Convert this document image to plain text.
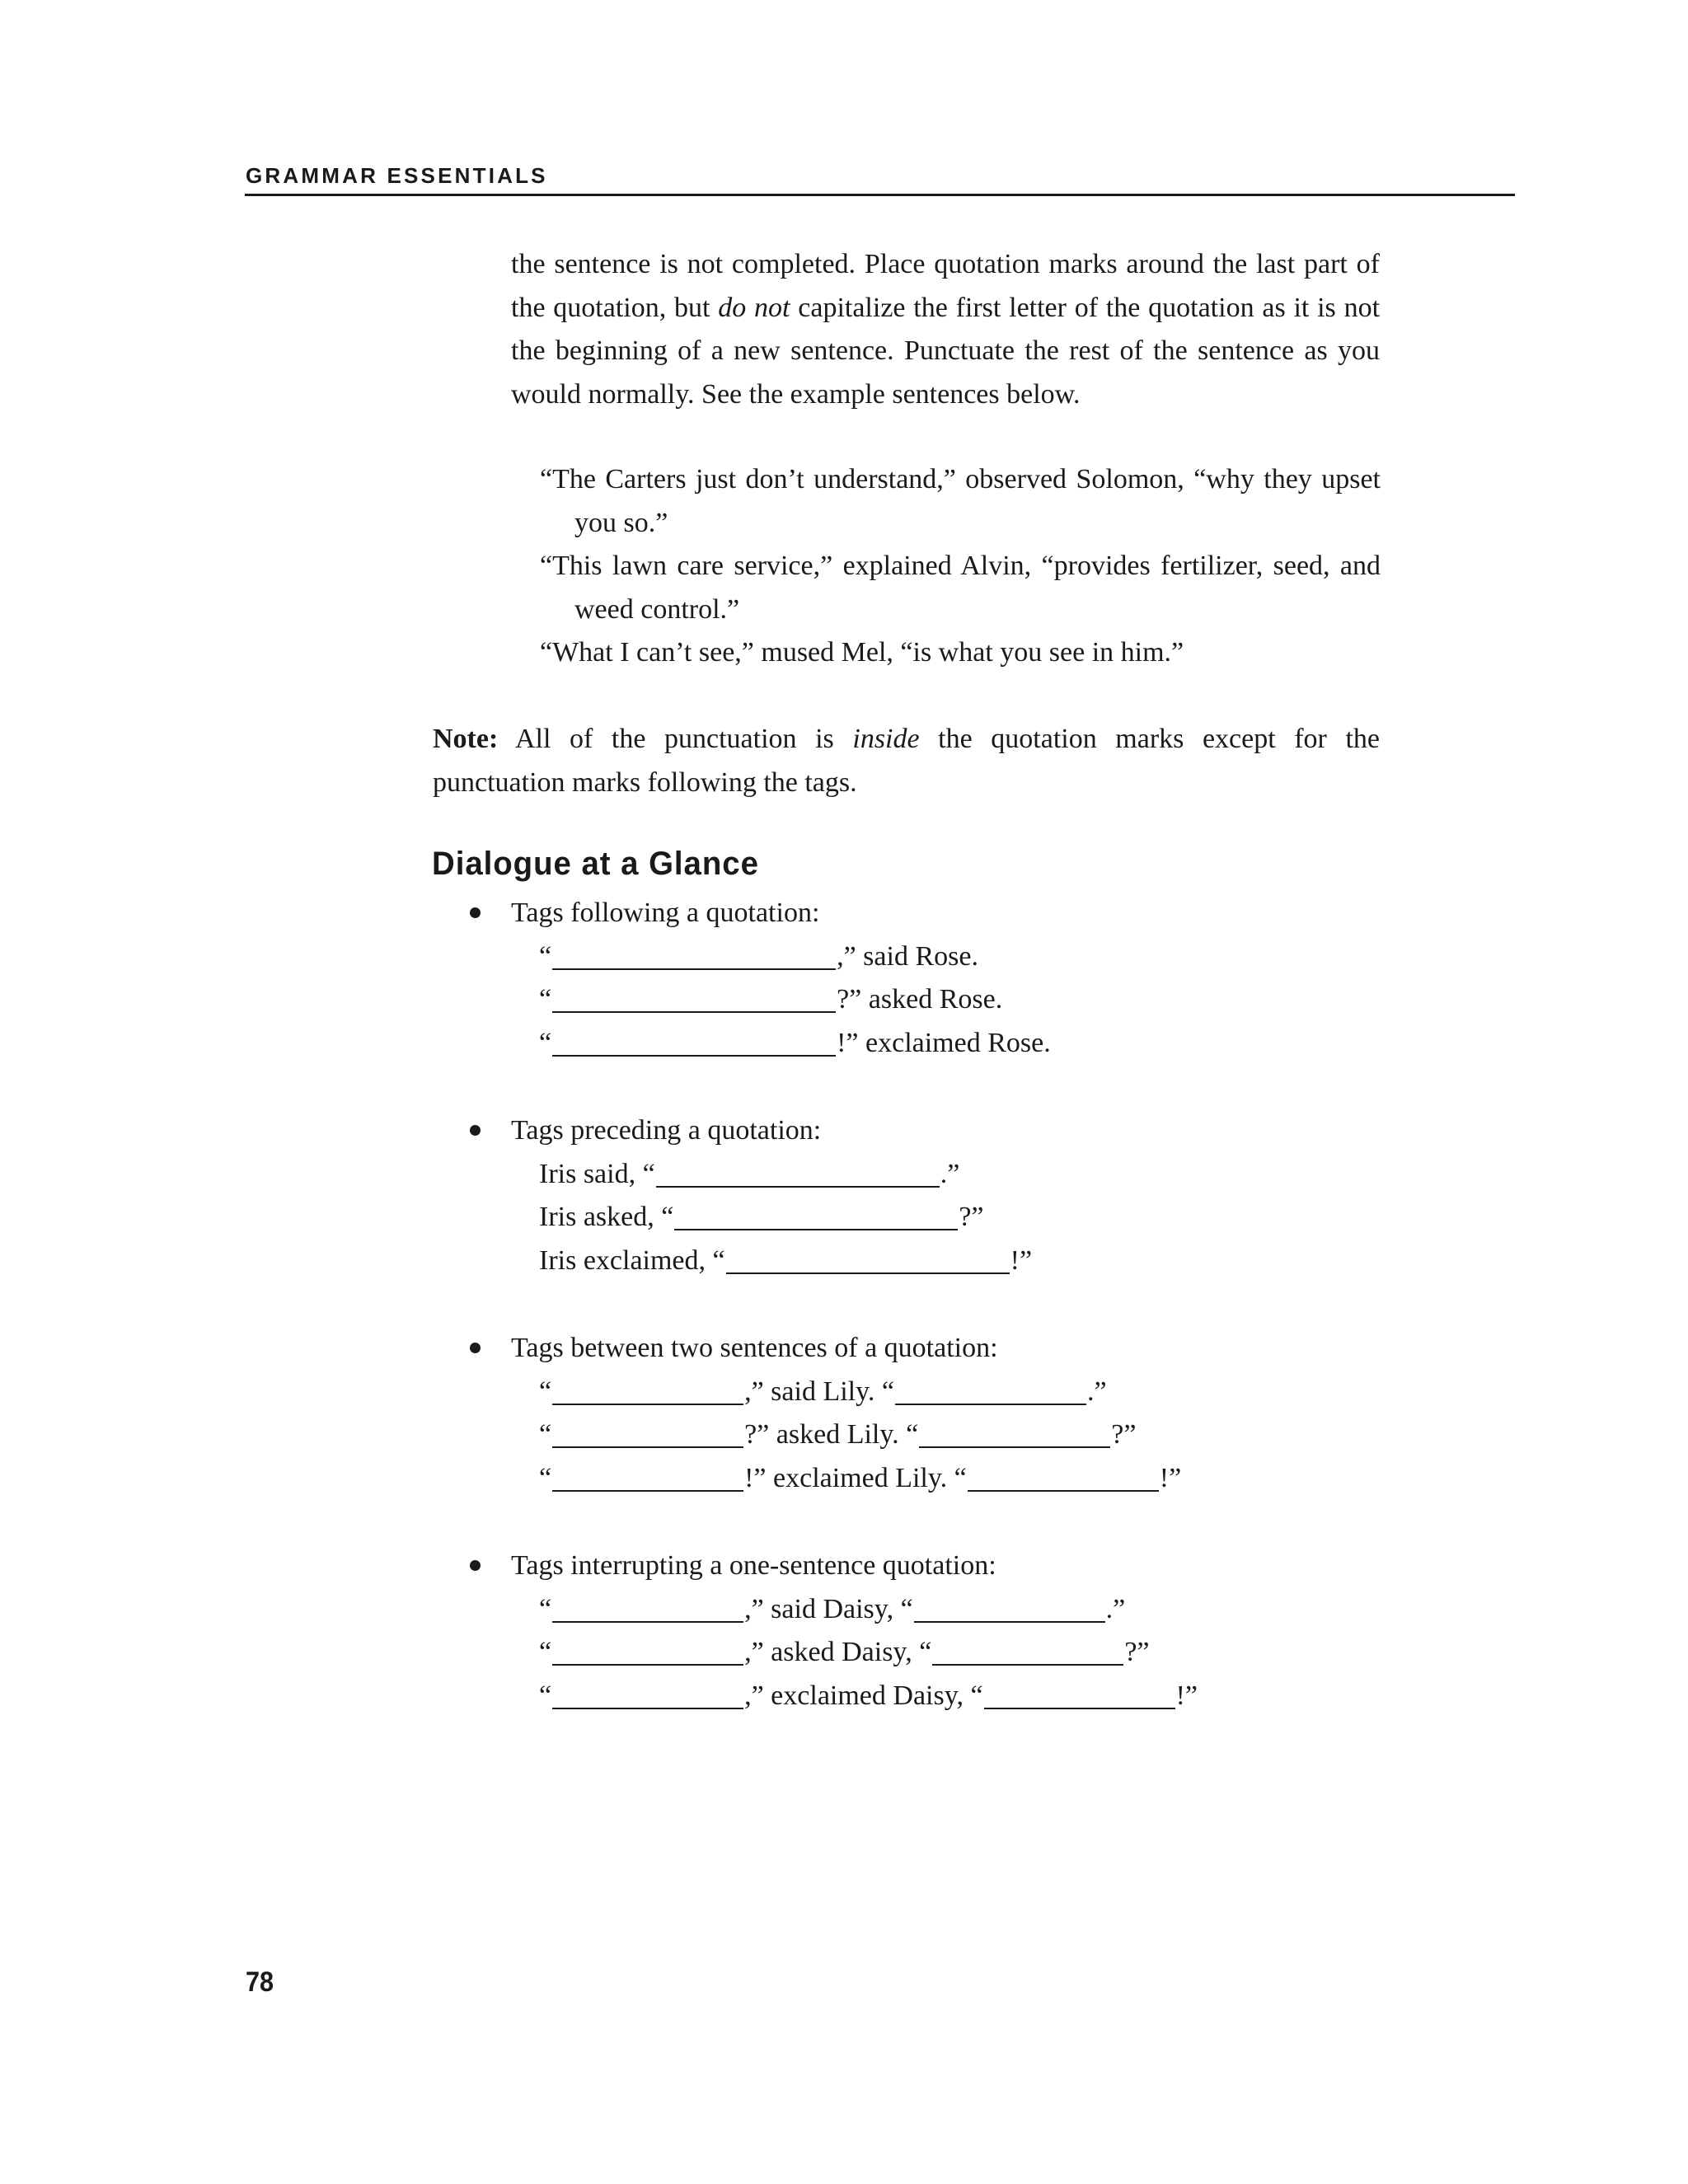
GRAMMAR ESSENTIALS
the sentence is not completed. Place quotation marks around the last part of the quotation, but do not capitalize the first letter of the quotation as it is not the beginning of a new sentence. Punctuate the rest of the sentence as you would normally. See the example sentences below.
“The Carters just don’t understand,” observed Solomon, “why they upset you so.”
“This lawn care service,” explained Alvin, “provides fertilizer, seed, and weed control.”
“What I can’t see,” mused Mel, “is what you see in him.”
Note: All of the punctuation is inside the quotation marks except for the punctuation marks following the tags.
Dialogue at a Glance
Tags following a quotation:
“	,” said Rose.
“	?” asked Rose.
“	!” exclaimed Rose.
Tags preceding a quotation:
Iris said, “	.”
Iris asked, “	?”
Iris exclaimed, “	!”
Tags between two sentences of a quotation:
“	,” said Lily. “	.”
“	?” asked Lily. “	?”
“	!” exclaimed Lily. “	!”
Tags interrupting a one-sentence quotation:
“	,” said Daisy, “	.”
“	,” asked Daisy, “	?”
“	,” exclaimed Daisy, “	!”
78
